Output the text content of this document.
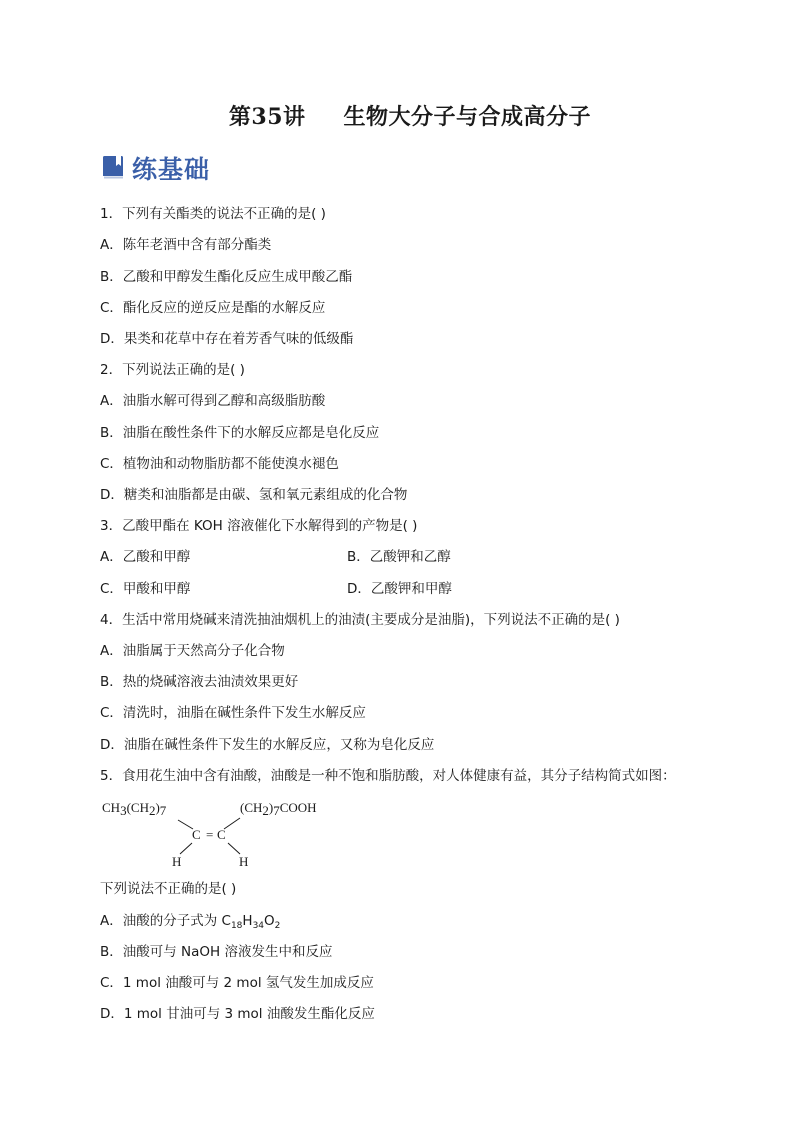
第35讲 生物大分子与合成高分子
练基础
1．下列有关酯类的说法不正确的是( )
A．陈年老酒中含有部分酯类
B．乙酸和甲醇发生酯化反应生成甲酸乙酯
C．酯化反应的逆反应是酯的水解反应
D．果类和花草中存在着芳香气味的低级酯
2．下列说法正确的是( )
A．油脂水解可得到乙醇和高级脂肪酸
B．油脂在酸性条件下的水解反应都是皂化反应
C．植物油和动物脂肪都不能使溴水褪色
D．糖类和油脂都是由碳、氢和氧元素组成的化合物
3．乙酸甲酯在 KOH 溶液催化下水解得到的产物是( )
A．乙酸和甲醇	B．乙酸钾和乙醇
C．甲酸和甲醇	D．乙酸钾和甲醇
4．生活中常用烧碱来清洗抽油烟机上的油渍(主要成分是油脂)，下列说法不正确的是( )
A．油脂属于天然高分子化合物
B．热的烧碱溶液去油渍效果更好
C．清洗时，油脂在碱性条件下发生水解反应
D．油脂在碱性条件下发生的水解反应，又称为皂化反应
5．食用花生油中含有油酸，油酸是一种不饱和脂肪酸，对人体健康有益，其分子结构简式如图：
CH3(CH2)7	(CH2)7COOH
C = C
H	H
下列说法不正确的是( )
A．油酸的分子式为 $C_{18}H_{34}O_2$
B．油酸可与 NaOH 溶液发生中和反应
C．1 mol 油酸可与 2 mol 氢气发生加成反应
D．1 mol 甘油可与 3 mol 油酸发生酯化反应
